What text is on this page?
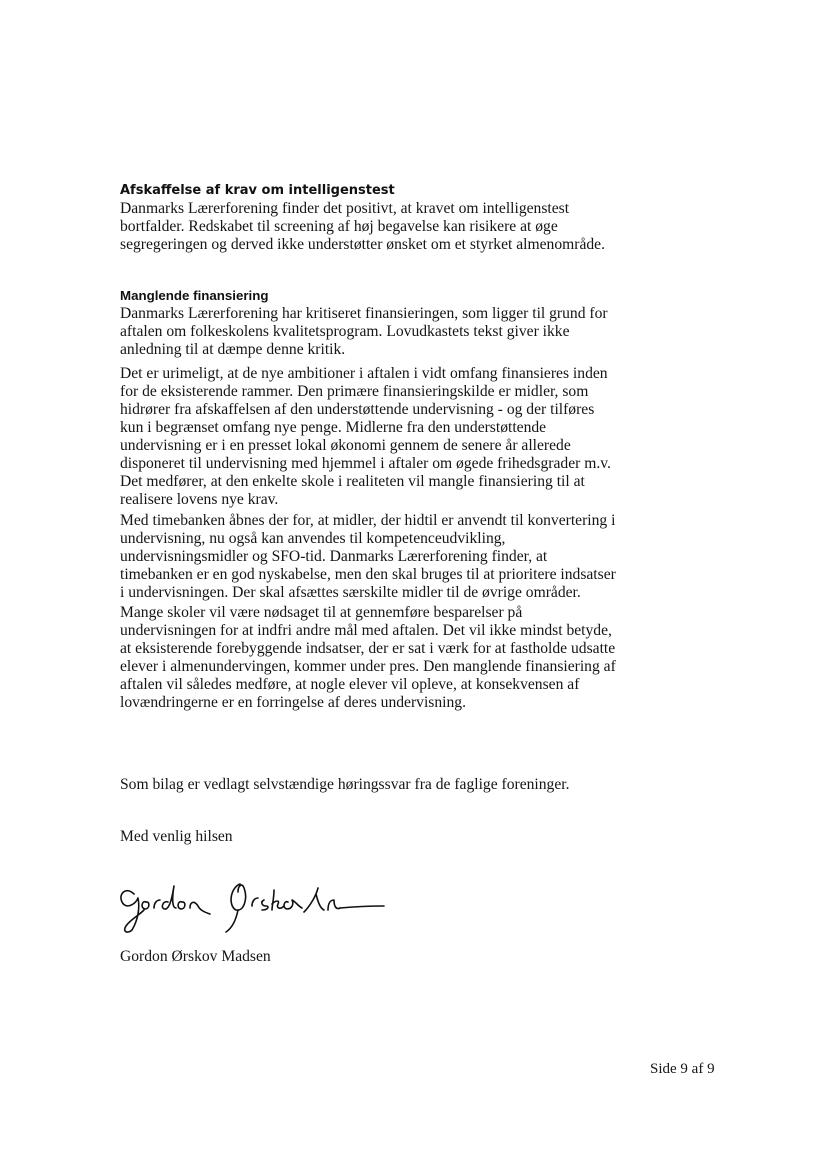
Afskaffelse af krav om intelligenstest

Danmarks Lærerforening finder det positivt, at kravet om intelligenstest
bortfalder. Redskabet til screening af høj begavelse kan risikere at øge
segregeringen og derved ikke understøtter ønsket om et styrket almenområde.

Manglende finansiering

Danmarks Lærerforening har kritiseret finansieringen, som ligger til grund for
aftalen om folkeskolens kvalitetsprogram. Lovudkastets tekst giver ikke
anledning til at dæmpe denne kritik.

Det er urimeligt, at de nye ambitioner i aftalen i vidt omfang finansieres inden
for de eksisterende rammer. Den primære finansieringskilde er midler, som
hidrører fra afskaffelsen af den understøttende undervisning - og der tilføres
kun i begrænset omfang nye penge. Midlerne fra den understøttende
undervisning er i en presset lokal økonomi gennem de senere år allerede
disponeret til undervisning med hjemmel i aftaler om øgede frihedsgrader m.v.
Det medfører, at den enkelte skole i realiteten vil mangle finansiering til at
realisere lovens nye krav.

Med timebanken åbnes der for, at midler, der hidtil er anvendt til konvertering i
undervisning, nu også kan anvendes til kompetenceudvikling,
undervisningsmidler og SFO-tid. Danmarks Lærerforening finder, at
timebanken er en god nyskabelse, men den skal bruges til at prioritere indsatser
i undervisningen. Der skal afsættes særskilte midler til de øvrige områder.

Mange skoler vil være nødsaget til at gennemføre besparelser på
undervisningen for at indfri andre mål med aftalen. Det vil ikke mindst betyde,
at eksisterende forebyggende indsatser, der er sat i værk for at fastholde udsatte
elever i almenundervingen, kommer under pres. Den manglende finansiering af
aftalen vil således medføre, at nogle elever vil opleve, at konsekvensen af
lovændringerne er en forringelse af deres undervisning.

Som bilag er vedlagt selvstændige høringssvar fra de faglige foreninger.

Med venlig hilsen

Gordon Ørskov Madsen

Side 9 af 9
